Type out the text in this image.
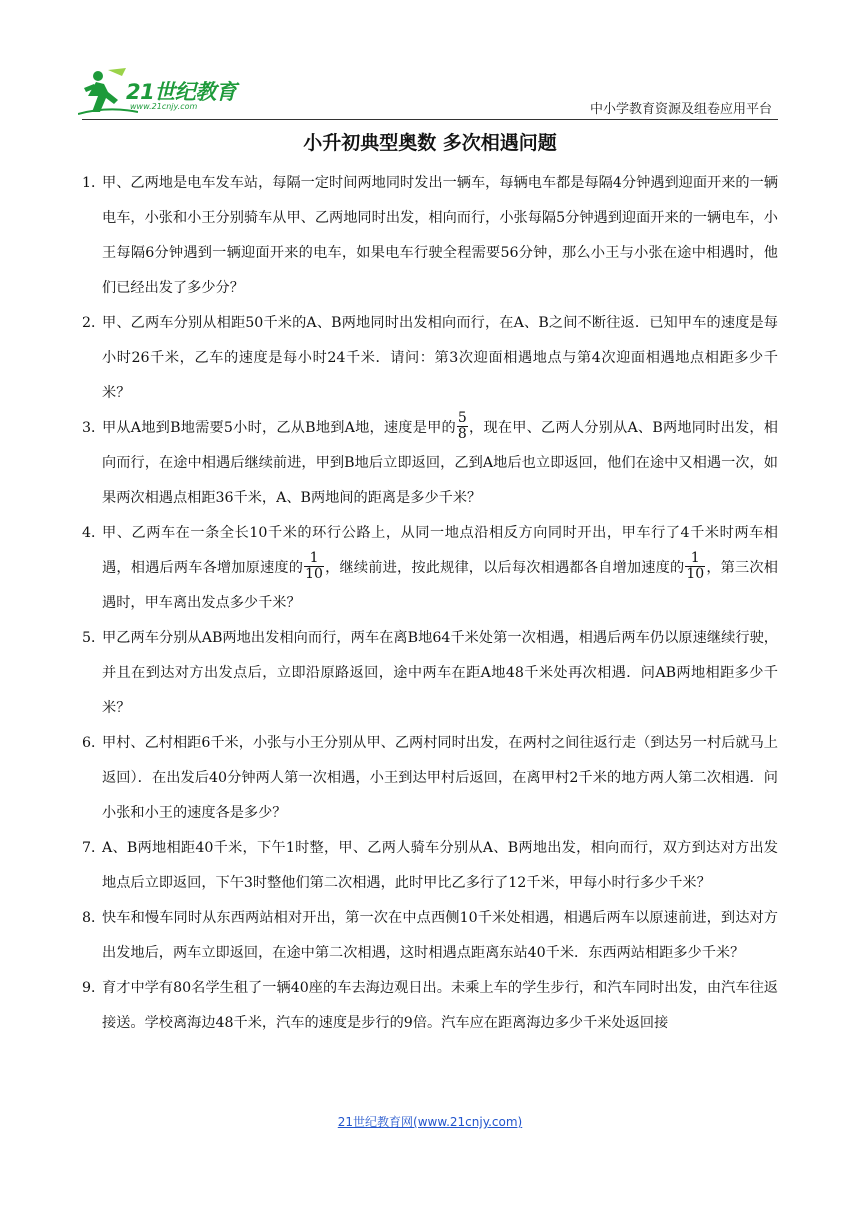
21世纪教育
www.21cnjy.com	中小学教育资源及组卷应用平台
小升初典型奥数 多次相遇问题

1．
甲、乙两地是电车发车站，每隔一定时间两地同时发出一辆车，每辆电车都是每隔4分钟遇到迎面开来的一辆电车，小张和小王分别骑车从甲、乙两地同时出发，相向而行，小张每隔5分钟遇到迎面开来的一辆电车，小王每隔6分钟遇到一辆迎面开来的电车，如果电车行驶全程需要56分钟，那么小王与小张在途中相遇时，他们已经出发了多少分？

2．
甲、乙两车分别从相距50千米的A、B两地同时出发相向而行，在A、B之间不断往返．已知甲车的速度是每小时26千米，乙车的速度是每小时24千米．请问：第3次迎面相遇地点与第4次迎面相遇地点相距多少千米？

3．
甲从A地到B地需要5小时，乙从B地到A地，速度是甲的 $\frac{5}{8}$ ，现在甲、乙两人分别从A、B两地同时出发，相向而行，在途中相遇后继续前进，甲到B地后立即返回，乙到A地后也立即返回，他们在途中又相遇一次，如果两次相遇点相距36千米，A、B两地间的距离是多少千米？

4．
甲、乙两车在一条全长10千米的环行公路上，从同一地点沿相反方向同时开出，甲车行了4千米时两车相遇，相遇后两车各增加原速度的 $\frac{1}{10}$ ，继续前进，按此规律，以后每次相遇都各自增加速度的 $\frac{1}{10}$ ，第三次相遇时，甲车离出发点多少千米？

5．
甲乙两车分别从AB两地出发相向而行，两车在离B地64千米处第一次相遇，相遇后两车仍以原速继续行驶，并且在到达对方出发点后，立即沿原路返回，途中两车在距A地48千米处再次相遇．问AB两地相距多少千米？

6．
甲村、乙村相距6千米，小张与小王分别从甲、乙两村同时出发，在两村之间往返行走（到达另一村后就马上返回）．在出发后40分钟两人第一次相遇，小王到达甲村后返回，在离甲村2千米的地方两人第二次相遇．问小张和小王的速度各是多少？

7．
A、B两地相距40千米，下午1时整，甲、乙两人骑车分别从A、B两地出发，相向而行，双方到达对方出发地点后立即返回，下午3时整他们第二次相遇，此时甲比乙多行了12千米，甲每小时行多少千米？

8．
快车和慢车同时从东西两站相对开出，第一次在中点西侧10千米处相遇，相遇后两车以原速前进，到达对方出发地后，两车立即返回，在途中第二次相遇，这时相遇点距离东站40千米．东西两站相距多少千米？

9．
育才中学有80名学生租了一辆40座的车去海边观日出。未乘上车的学生步行，和汽车同时出发，由汽车往返接送。学校离海边48千米，汽车的速度是步行的9倍。汽车应在距离海边多少千米处返回接

21世纪教育网(www.21cnjy.com)
